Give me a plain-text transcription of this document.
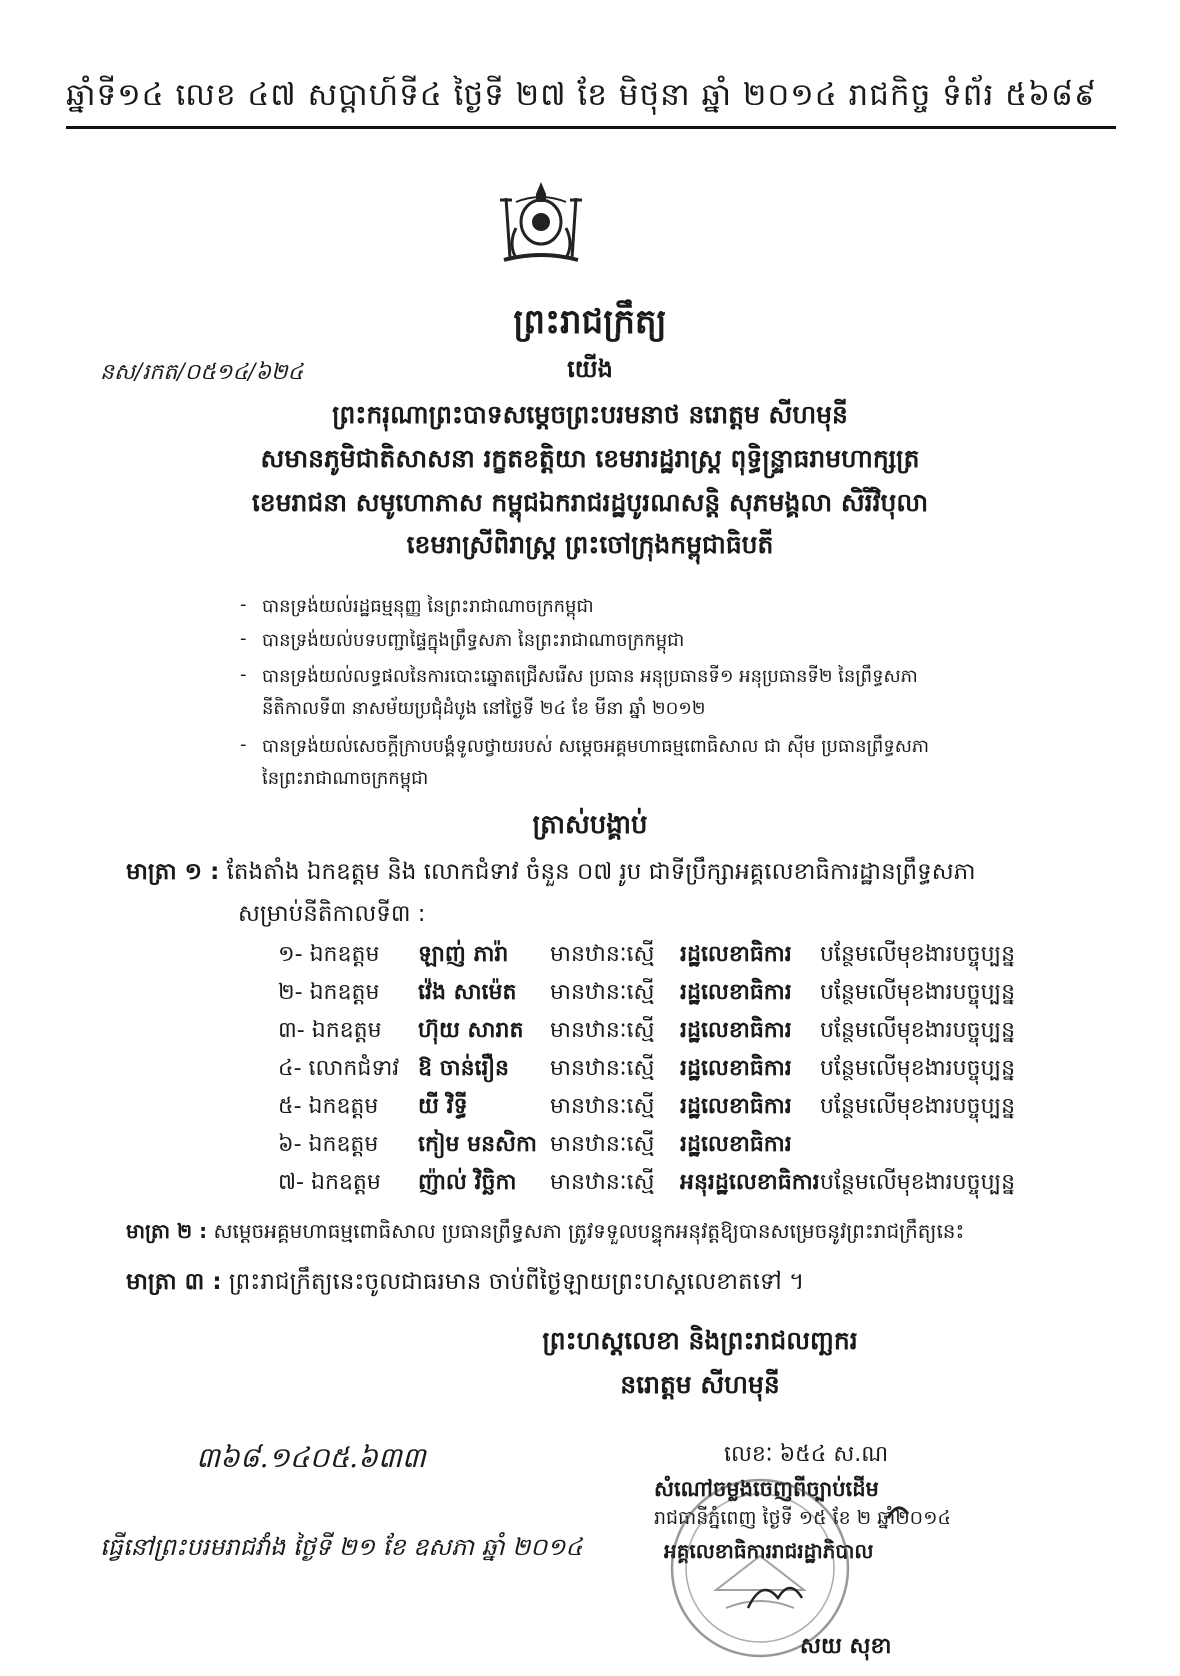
ឆ្នាំទី១៤ លេខ ៤៧ សប្តាហ៍ទី៤ ថ្ងៃទី ២៧ ខែ មិថុនា ឆ្នាំ ២០១៤ រាជកិច្ច ទំព័រ ៥៦៨៩
ព្រះរាជក្រឹត្យ
នស/រកត/០៥១៤/៦២៤	យើង
ព្រះករុណាព្រះបាទសម្តេចព្រះបរមនាថ នរោត្តម សីហមុនី
សមានភូមិជាតិសាសនា រក្ខតខត្តិយា ខេមរារដ្ឋរាស្ត្រ ពុទ្ធិន្ទ្រាធរាមហាក្សត្រ
ខេមរាជនា សមូហោភាស កម្ពុជឯករាជរដ្ឋបូរណសន្តិ សុភមង្គលា សិរីវិបុលា
ខេមរាស្រីពិរាស្ត្រ ព្រះចៅក្រុងកម្ពុជាធិបតី
- បានទ្រង់យល់រដ្ឋធម្មនុញ្ញ នៃព្រះរាជាណាចក្រកម្ពុជា
- បានទ្រង់យល់បទបញ្ជាផ្ទៃក្នុងព្រឹទ្ធសភា នៃព្រះរាជាណាចក្រកម្ពុជា
- បានទ្រង់យល់លទ្ធផលនៃការបោះឆ្នោតជ្រើសរើស ប្រធាន អនុប្រធានទី១ អនុប្រធានទី២ នៃព្រឹទ្ធសភា
នីតិកាលទី៣ នាសម័យប្រជុំដំបូង នៅថ្ងៃទី ២៤ ខែ មីនា ឆ្នាំ ២០១២
- បានទ្រង់យល់សេចក្តីក្រាបបង្គំទូលថ្វាយរបស់ សម្តេចអគ្គមហាធម្មពោធិសាល ជា ស៊ីម ប្រធានព្រឹទ្ធសភា
នៃព្រះរាជាណាចក្រកម្ពុជា
ត្រាស់បង្គាប់
មាត្រា ១ : តែងតាំង ឯកឧត្តម និង លោកជំទាវ ចំនួន ០៧ រូប ជាទីប្រឹក្សាអគ្គលេខាធិការដ្ឋានព្រឹទ្ធសភា
សម្រាប់នីតិកាលទី៣ :
១- ឯកឧត្តម ឡាញ់ ភារ៉ា មានឋានៈស្មើ រដ្ឋលេខាធិការ បន្ថែមលើមុខងារបច្ចុប្បន្ន
២- ឯកឧត្តម វ៉េង សាម៉េត មានឋានៈស្មើ រដ្ឋលេខាធិការ បន្ថែមលើមុខងារបច្ចុប្បន្ន
៣- ឯកឧត្តម ហ៊ុយ សារាត មានឋានៈស្មើ រដ្ឋលេខាធិការ បន្ថែមលើមុខងារបច្ចុប្បន្ន
៤- លោកជំទាវ ឱ ចាន់រឿន មានឋានៈស្មើ រដ្ឋលេខាធិការ បន្ថែមលើមុខងារបច្ចុប្បន្ន
៥- ឯកឧត្តម យី វិទ្ធី	មានឋានៈស្មើ រដ្ឋលេខាធិការ បន្ថែមលើមុខងារបច្ចុប្បន្ន
៦- ឯកឧត្តម កៀម មនសិកា មានឋានៈស្មើ រដ្ឋលេខាធិការ
៧- ឯកឧត្តម ញ៉ាល់ វិច្ឆិកា មានឋានៈស្មើ អនុរដ្ឋលេខាធិការ បន្ថែមលើមុខងារបច្ចុប្បន្ន
មាត្រា ២ : សម្តេចអគ្គមហាធម្មពោធិសាល ប្រធានព្រឹទ្ធសភា ត្រូវទទួលបន្ទុកអនុវត្តឱ្យបានសម្រេចនូវព្រះរាជក្រឹត្យនេះ
មាត្រា ៣ : ព្រះរាជក្រឹត្យនេះចូលជាធរមាន ចាប់ពីថ្ងៃឡាយព្រះហស្តលេខាតទៅ ។
ព្រះហស្តលេខា និងព្រះរាជលញ្ឆករ
នរោត្តម សីហមុនី
៣៦៨.១៤០៥.៦៣៣	លេខៈ ៦៥៤ ស.ណ
សំណៅចម្លងចេញពីច្បាប់ដើម
រាជធានីភ្នំពេញ ថ្ងៃទី ១៥ ខែ ២ ឆ្នាំ២០១៤
អគ្គលេខាធិការរាជរដ្ឋាភិបាល
សយ សុខា
ធ្វើនៅព្រះបរមរាជវាំង ថ្ងៃទី ២១ ខែ ឧសភា ឆ្នាំ ២០១៤
